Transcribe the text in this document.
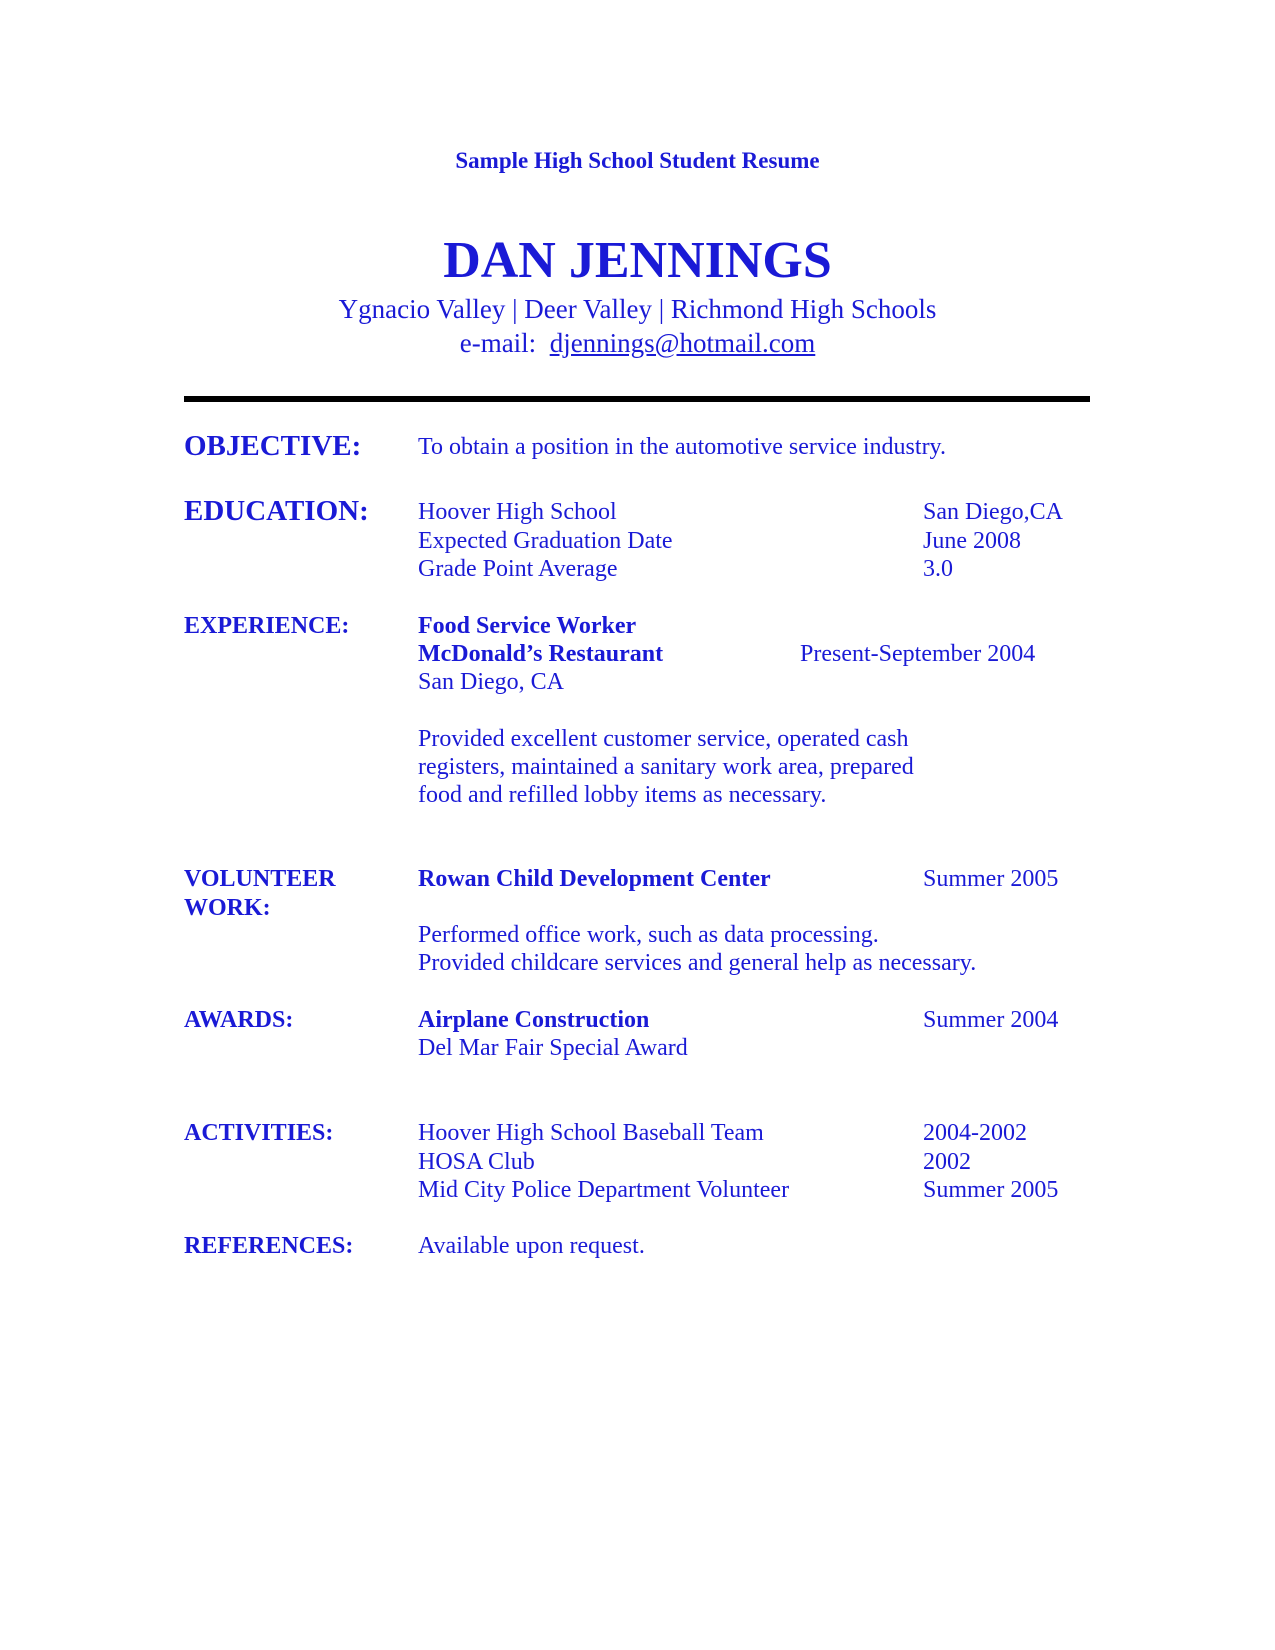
Sample High School Student Resume
DAN JENNINGS
Ygnacio Valley | Deer Valley | Richmond High Schools
e-mail: djennings@hotmail.com
OBJECTIVE: To obtain a position in the automotive service industry.
EDUCATION: Hoover High School	San Diego,CA
Expected Graduation Date	June 2008
Grade Point Average	3.0
EXPERIENCE:	Food Service Worker
McDonald’s Restaurant	Present-September 2004
San Diego, CA
Provided excellent customer service, operated cash
registers, maintained a sanitary work area, prepared
food and refilled lobby items as necessary.
VOLUNTEER
WORK:
Rowan Child Development Center	Summer 2005
Performed office work, such as data processing.
Provided childcare services and general help as necessary.
AWARDS:	Airplane Construction	Summer 2004
Del Mar Fair Special Award
ACTIVITIES:	Hoover High School Baseball Team	2004-2002
HOSA Club	2002
Mid City Police Department Volunteer	Summer 2005
REFERENCES:	Available upon request.
